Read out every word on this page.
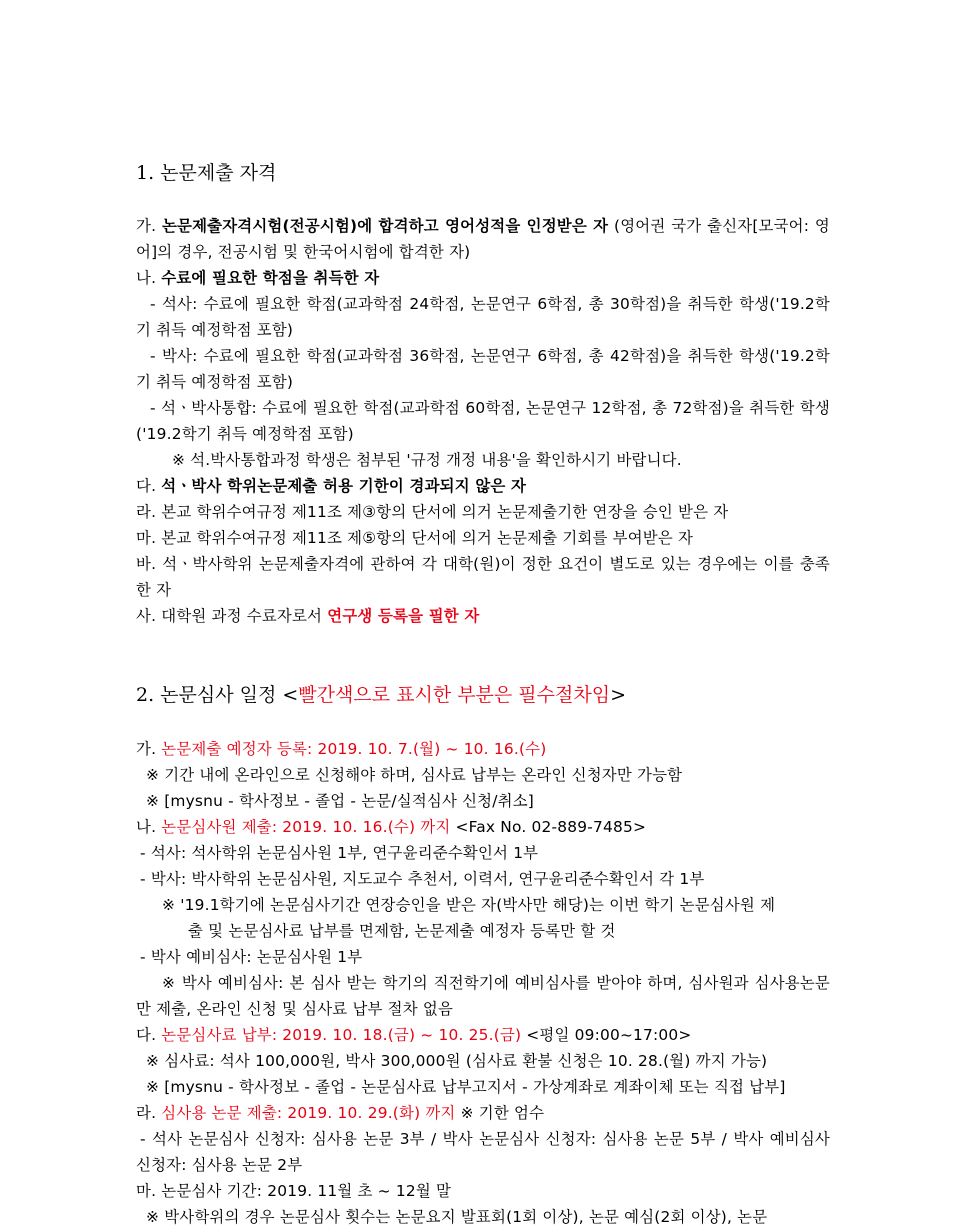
1. 논문제출 자격
가. 논문제출자격시험(전공시험)에 합격하고 영어성적을 인정받은 자 (영어권 국가 출신자[모국어: 영어]의 경우, 전공시험 및 한국어시험에 합격한 자)
나. 수료에 필요한 학점을 취득한 자
- 석사: 수료에 필요한 학점(교과학점 24학점, 논문연구 6학점, 총 30학점)을 취득한 학생('19.2학기 취득 예정학점 포함)
- 박사: 수료에 필요한 학점(교과학점 36학점, 논문연구 6학점, 총 42학점)을 취득한 학생('19.2학기 취득 예정학점 포함)
- 석ㆍ박사통합: 수료에 필요한 학점(교과학점 60학점, 논문연구 12학점, 총 72학점)을 취득한 학생 ('19.2학기 취득 예정학점 포함)
※ 석.박사통합과정 학생은 첨부된 '규정 개정 내용'을 확인하시기 바랍니다.
다. 석ㆍ박사 학위논문제출 허용 기한이 경과되지 않은 자
라. 본교 학위수여규정 제11조 제③항의 단서에 의거 논문제출기한 연장을 승인 받은 자
마. 본교 학위수여규정 제11조 제⑤항의 단서에 의거 논문제출 기회를 부여받은 자
바. 석ㆍ박사학위 논문제출자격에 관하여 각 대학(원)이 정한 요건이 별도로 있는 경우에는 이를 충족한 자
사. 대학원 과정 수료자로서 연구생 등록을 필한 자
2. 논문심사 일정 <빨간색으로 표시한 부분은 필수절차임>
가. 논문제출 예정자 등록: 2019. 10. 7.(월) ~ 10. 16.(수)
※ 기간 내에 온라인으로 신청해야 하며, 심사료 납부는 온라인 신청자만 가능함
※ [mysnu - 학사정보 - 졸업 - 논문/실적심사 신청/취소]
나. 논문심사원 제출: 2019. 10. 16.(수) 까지 <Fax No. 02-889-7485>
- 석사: 석사학위 논문심사원 1부, 연구윤리준수확인서 1부
- 박사: 박사학위 논문심사원, 지도교수 추천서, 이력서, 연구윤리준수확인서 각 1부
※ '19.1학기에 논문심사기간 연장승인을 받은 자(박사만 해당)는 이번 학기 논문심사원 제
출 및 논문심사료 납부를 면제함, 논문제출 예정자 등록만 할 것
- 박사 예비심사: 논문심사원 1부
※ 박사 예비심사: 본 심사 받는 학기의 직전학기에 예비심사를 받아야 하며, 심사원과 심사용논문만 제출, 온라인 신청 및 심사료 납부 절차 없음
다. 논문심사료 납부: 2019. 10. 18.(금) ~ 10. 25.(금) <평일 09:00~17:00>
※ 심사료: 석사 100,000원, 박사 300,000원 (심사료 환불 신청은 10. 28.(월) 까지 가능)
※ [mysnu - 학사정보 - 졸업 - 논문심사료 납부고지서 - 가상계좌로 계좌이체 또는 직접 납부]
라. 심사용 논문 제출: 2019. 10. 29.(화) 까지 ※ 기한 엄수
- 석사 논문심사 신청자: 심사용 논문 3부 / 박사 논문심사 신청자: 심사용 논문 5부 / 박사 예비심사 신청자: 심사용 논문 2부
마. 논문심사 기간: 2019. 11월 초 ~ 12월 말
※ 박사학위의 경우 논문심사 횟수는 논문요지 발표회(1회 이상), 논문 예심(2회 이상), 논문
